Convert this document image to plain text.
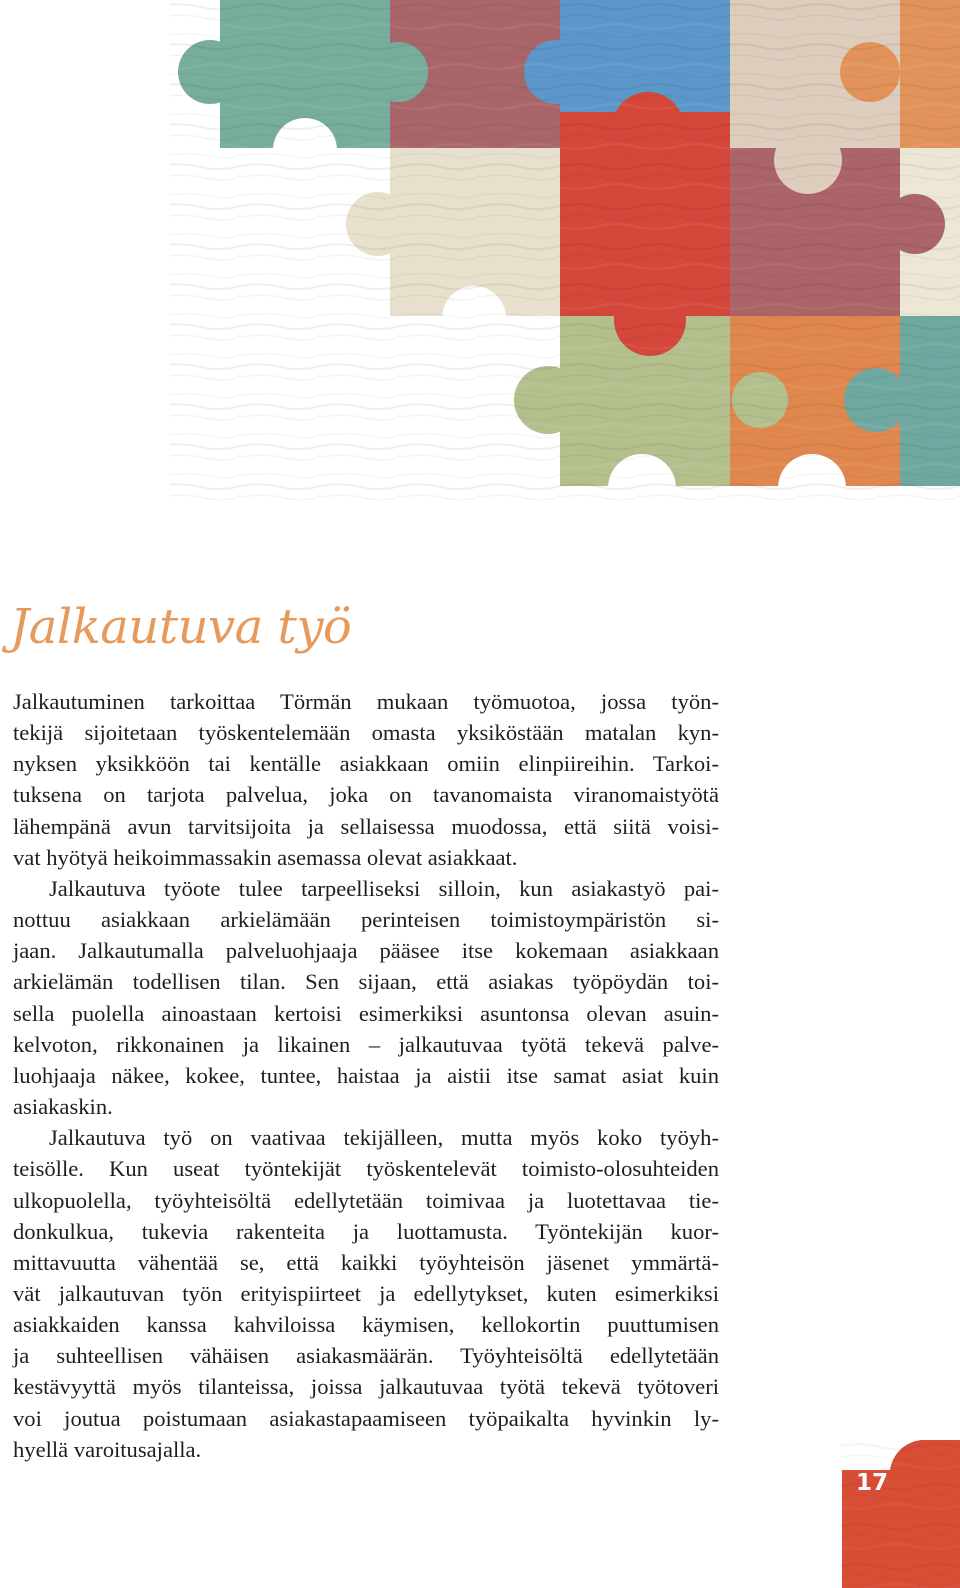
Jalkautuva työ
Jalkautuminen tarkoittaa Törmän mukaan työmuotoa, jossa työn-
tekijä sijoitetaan työskentelemään omasta yksiköstään matalan kyn-
nyksen yksikköön tai kentälle asiakkaan omiin elinpiireihin. Tarkoi-
tuksena on tarjota palvelua, joka on tavanomaista viranomaistyötä
lähempänä avun tarvitsijoita ja sellaisessa muodossa, että siitä voisi-
vat hyötyä heikoimmassakin asemassa olevat asiakkaat.
Jalkautuva työote tulee tarpeelliseksi silloin, kun asiakastyö pai-
nottuu asiakkaan arkielämään perinteisen toimistoympäristön si-
jaan. Jalkautumalla palveluohjaaja pääsee itse kokemaan asiakkaan
arkielämän todellisen tilan. Sen sijaan, että asiakas työpöydän toi-
sella puolella ainoastaan kertoisi esimerkiksi asuntonsa olevan asuin-
kelvoton, rikkonainen ja likainen – jalkautuvaa työtä tekevä palve-
luohjaaja näkee, kokee, tuntee, haistaa ja aistii itse samat asiat kuin
asiakaskin.
Jalkautuva työ on vaativaa tekijälleen, mutta myös koko työyh-
teisölle. Kun useat työntekijät työskentelevät toimisto-olosuhteiden
ulkopuolella, työyhteisöltä edellytetään toimivaa ja luotettavaa tie-
donkulkua, tukevia rakenteita ja luottamusta. Työntekijän kuor-
mittavuutta vähentää se, että kaikki työyhteisön jäsenet ymmärtä-
vät jalkautuvan työn erityispiirteet ja edellytykset, kuten esimerkiksi
asiakkaiden kanssa kahviloissa käymisen, kellokortin puuttumisen
ja suhteellisen vähäisen asiakasmäärän. Työyhteisöltä edellytetään
kestävyyttä myös tilanteissa, joissa jalkautuvaa työtä tekevä työtoveri
voi joutua poistumaan asiakastapaamiseen työpaikalta hyvinkin ly-
hyellä varoitusajalla.
17
